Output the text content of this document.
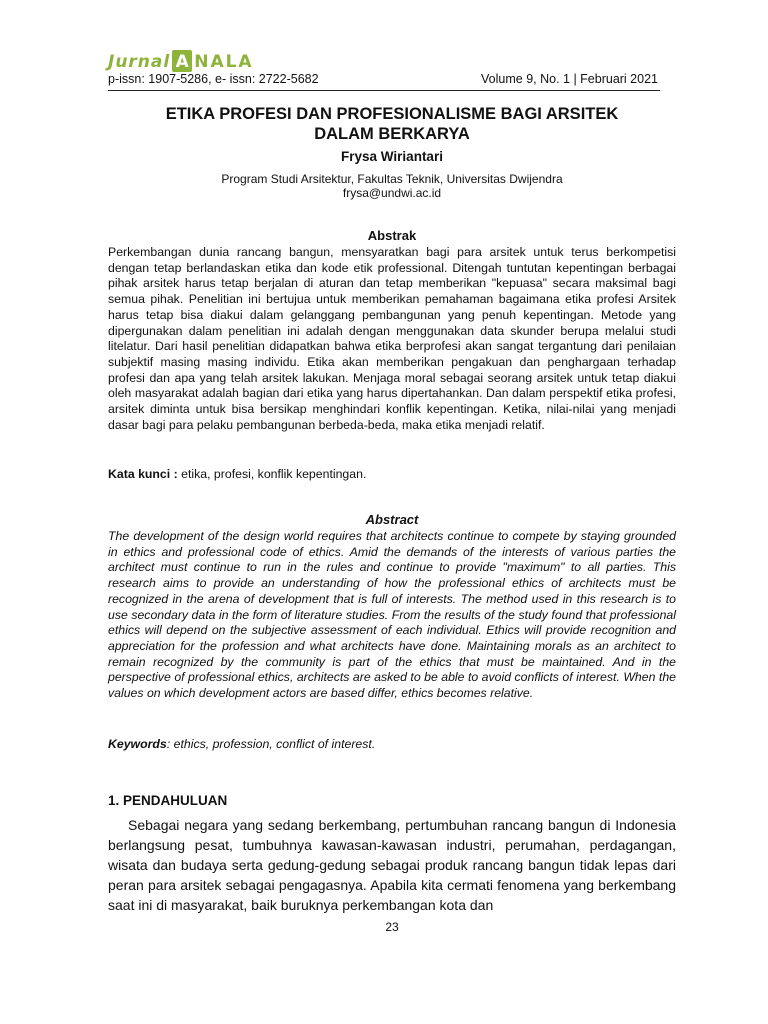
Jurnal A NALA
p-issn: 1907-5286, e- issn: 2722-5682	Volume 9, No. 1 | Februari 2021
ETIKA PROFESI DAN PROFESIONALISME BAGI ARSITEK
DALAM BERKARYA
Frysa Wiriantari
Program Studi Arsitektur, Fakultas Teknik, Universitas Dwijendra
frysa@undwi.ac.id
Abstrak

Perkembangan dunia rancang bangun, mensyaratkan bagi para arsitek untuk terus berkompetisi dengan tetap berlandaskan etika dan kode etik professional. Ditengah tuntutan kepentingan berbagai pihak arsitek harus tetap berjalan di aturan dan tetap memberikan "kepuasa" secara maksimal bagi semua pihak. Penelitian ini bertujua untuk memberikan pemahaman bagaimana etika profesi Arsitek harus tetap bisa diakui dalam gelanggang pembangunan yang penuh kepentingan. Metode yang dipergunakan dalam penelitian ini adalah dengan menggunakan data skunder berupa melalui studi litelatur. Dari hasil penelitian didapatkan bahwa etika berprofesi akan sangat tergantung dari penilaian subjektif masing masing individu. Etika akan memberikan pengakuan dan penghargaan terhadap profesi dan apa yang telah arsitek lakukan. Menjaga moral sebagai seorang arsitek untuk tetap diakui oleh masyarakat adalah bagian dari etika yang harus dipertahankan. Dan dalam perspektif etika profesi, arsitek diminta untuk bisa bersikap menghindari konflik kepentingan. Ketika, nilai-nilai yang menjadi dasar bagi para pelaku pembangunan berbeda-beda, maka etika menjadi relatif.

Kata kunci : etika, profesi, konflik kepentingan.
Abstract

The development of the design world requires that architects continue to compete by staying grounded in ethics and professional code of ethics. Amid the demands of the interests of various parties the architect must continue to run in the rules and continue to provide "maximum" to all parties. This research aims to provide an understanding of how the professional ethics of architects must be recognized in the arena of development that is full of interests. The method used in this research is to use secondary data in the form of literature studies. From the results of the study found that professional ethics will depend on the subjective assessment of each individual. Ethics will provide recognition and appreciation for the profession and what architects have done. Maintaining morals as an architect to remain recognized by the community is part of the ethics that must be maintained. And in the perspective of professional ethics, architects are asked to be able to avoid conflicts of interest. When the values on which development actors are based differ, ethics becomes relative.

Keywords: ethics, profession, conflict of interest.
1. PENDAHULUAN

Sebagai negara yang sedang berkembang, pertumbuhan rancang bangun di Indonesia berlangsung pesat, tumbuhnya kawasan-kawasan industri, perumahan, perdagangan, wisata dan budaya serta gedung-gedung sebagai produk rancang bangun tidak lepas dari peran para arsitek sebagai pengagasnya. Apabila kita cermati fenomena yang berkembang saat ini di masyarakat, baik buruknya perkembangan kota dan

23
